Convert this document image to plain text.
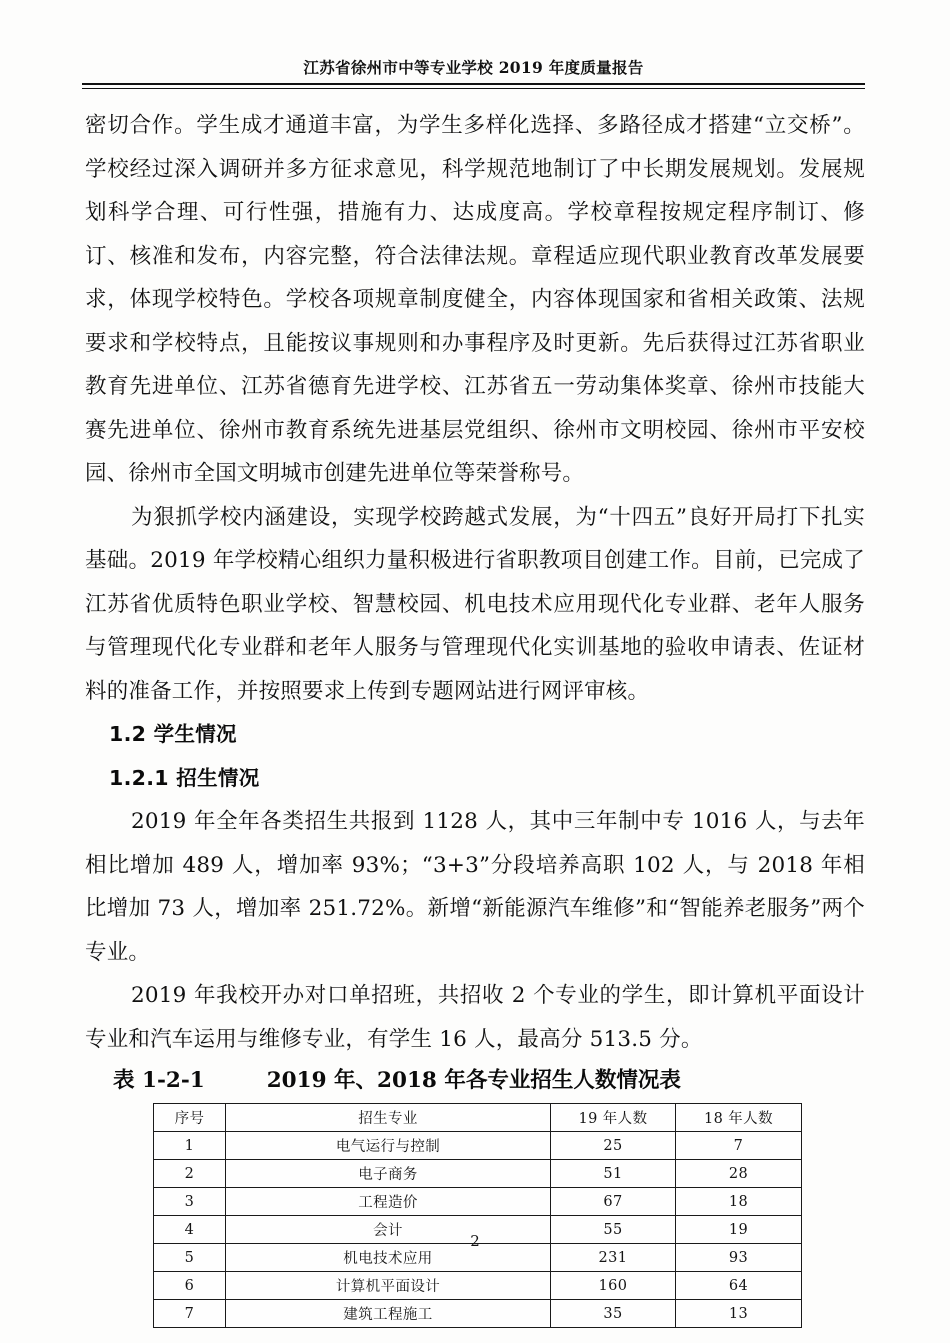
江苏省徐州市中等专业学校 2019 年度质量报告

密切合作。学生成才通道丰富，为学生多样化选择、多路径成才搭建“立交桥”。学校经过深入调研并多方征求意见，科学规范地制订了中长期发展规划。发展规划科学合理、可行性强，措施有力、达成度高。学校章程按规定程序制订、修订、核准和发布，内容完整，符合法律法规。章程适应现代职业教育改革发展要求，体现学校特色。学校各项规章制度健全，内容体现国家和省相关政策、法规要求和学校特点，且能按议事规则和办事程序及时更新。先后获得过江苏省职业教育先进单位、江苏省德育先进学校、江苏省五一劳动集体奖章、徐州市技能大赛先进单位、徐州市教育系统先进基层党组织、徐州市文明校园、徐州市平安校园、徐州市全国文明城市创建先进单位等荣誉称号。

为狠抓学校内涵建设，实现学校跨越式发展，为“十四五”良好开局打下扎实基础。2019 年学校精心组织力量积极进行省职教项目创建工作。目前，已完成了江苏省优质特色职业学校、智慧校园、机电技术应用现代化专业群、老年人服务与管理现代化专业群和老年人服务与管理现代化实训基地的验收申请表、佐证材料的准备工作，并按照要求上传到专题网站进行网评审核。

1.2 学生情况
1.2.1 招生情况

2019 年全年各类招生共报到 1128 人，其中三年制中专 1016 人，与去年相比增加 489 人，增加率 93%；“3+3”分段培养高职 102 人，与 2018 年相比增加 73 人，增加率 251.72%。新增“新能源汽车维修”和“智能养老服务”两个专业。

2019 年我校开办对口单招班，共招收 2 个专业的学生，即计算机平面设计专业和汽车运用与维修专业，有学生 16 人，最高分 513.5 分。

表 1-2-1	2019 年、2018 年各专业招生人数情况表

序号	招生专业	19 年人数	18 年人数
1	电气运行与控制	25	7
2	电子商务	51	28
3	工程造价	67	18
4	会计	55	19
5	机电技术应用	231	93
6	计算机平面设计	160	64
7	建筑工程施工	35	13
2
